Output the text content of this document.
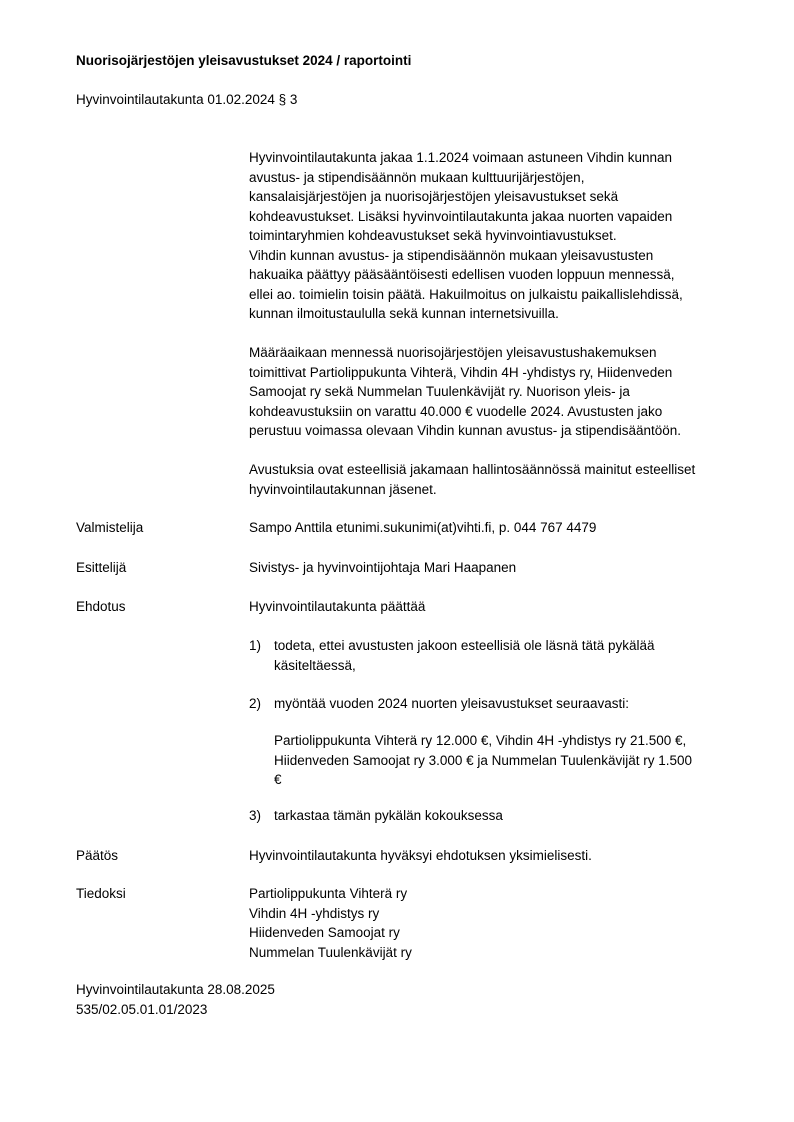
Nuorisojärjestöjen yleisavustukset 2024 / raportointi
Hyvinvointilautakunta 01.02.2024 § 3
Hyvinvointilautakunta jakaa 1.1.2024 voimaan astuneen Vihdin kunnan
avustus- ja stipendisäännön mukaan kulttuurijärjestöjen,
kansalaisjärjestöjen ja nuorisojärjestöjen yleisavustukset sekä
kohdeavustukset. Lisäksi hyvinvointilautakunta jakaa nuorten vapaiden
toimintaryhmien kohdeavustukset sekä hyvinvointiavustukset.
Vihdin kunnan avustus- ja stipendisäännön mukaan yleisavustusten
hakuaika päättyy pääsääntöisesti edellisen vuoden loppuun mennessä,
ellei ao. toimielin toisin päätä. Hakuilmoitus on julkaistu paikallislehdissä,
kunnan ilmoitustaululla sekä kunnan internetsivuilla.
Määräaikaan mennessä nuorisojärjestöjen yleisavustushakemuksen
toimittivat Partiolippukunta Vihterä, Vihdin 4H -yhdistys ry, Hiidenveden
Samoojat ry sekä Nummelan Tuulenkävijät ry. Nuorison yleis- ja
kohdeavustuksiin on varattu 40.000 € vuodelle 2024. Avustusten jako
perustuu voimassa olevaan Vihdin kunnan avustus- ja stipendisääntöön.
Avustuksia ovat esteellisiä jakamaan hallintosäännössä mainitut esteelliset
hyvinvointilautakunnan jäsenet.
Valmistelija	Sampo Anttila etunimi.sukunimi(at)vihti.fi, p. 044 767 4479
Esittelijä	Sivistys- ja hyvinvointijohtaja Mari Haapanen
Ehdotus	Hyvinvointilautakunta päättää
1) todeta, ettei avustusten jakoon esteellisiä ole läsnä tätä pykälää
käsiteltäessä,
2) myöntää vuoden 2024 nuorten yleisavustukset seuraavasti:
Partiolippukunta Vihterä ry 12.000 €, Vihdin 4H -yhdistys ry 21.500 €,
Hiidenveden Samoojat ry 3.000 € ja Nummelan Tuulenkävijät ry 1.500
€
3) tarkastaa tämän pykälän kokouksessa
Päätös	Hyvinvointilautakunta hyväksyi ehdotuksen yksimielisesti.
Tiedoksi	Partiolippukunta Vihterä ry
Vihdin 4H -yhdistys ry
Hiidenveden Samoojat ry
Nummelan Tuulenkävijät ry
Hyvinvointilautakunta 28.08.2025
535/02.05.01.01/2023
